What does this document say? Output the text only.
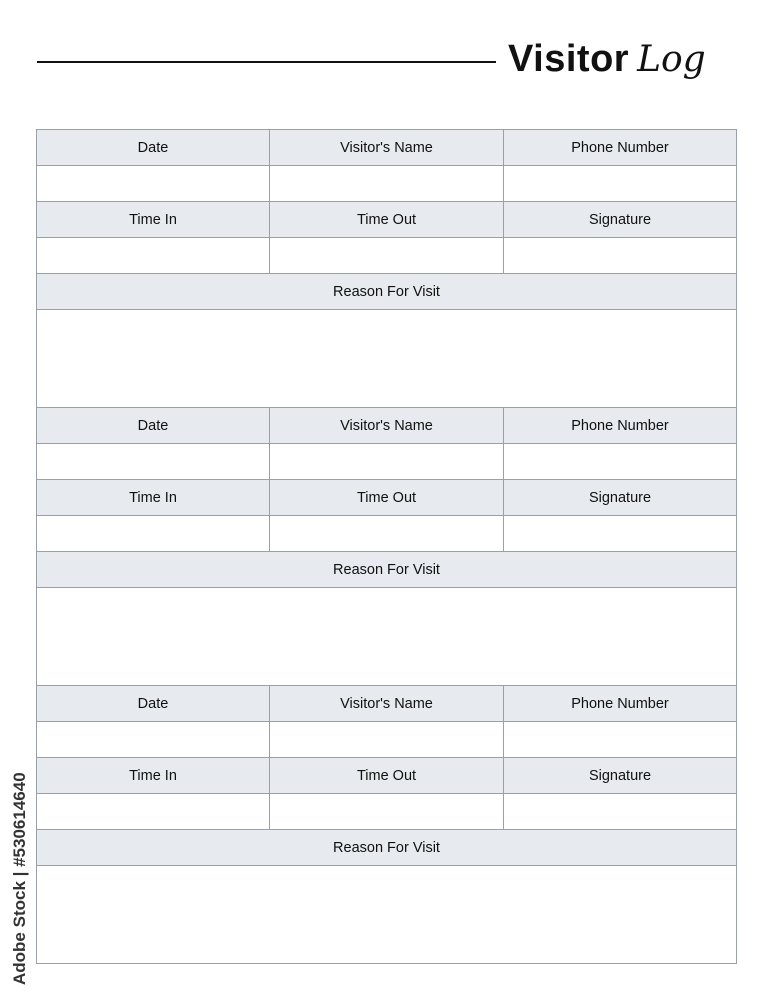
Visitor Log
Date	Visitor's Name	Phone Number
Time In	Time Out	Signature
Reason For Visit
Date	Visitor's Name	Phone Number
Time In	Time Out	Signature
Reason For Visit
Date	Visitor's Name	Phone Number
Time In	Time Out	Signature
Reason For Visit
Adobe Stock | #530614640
